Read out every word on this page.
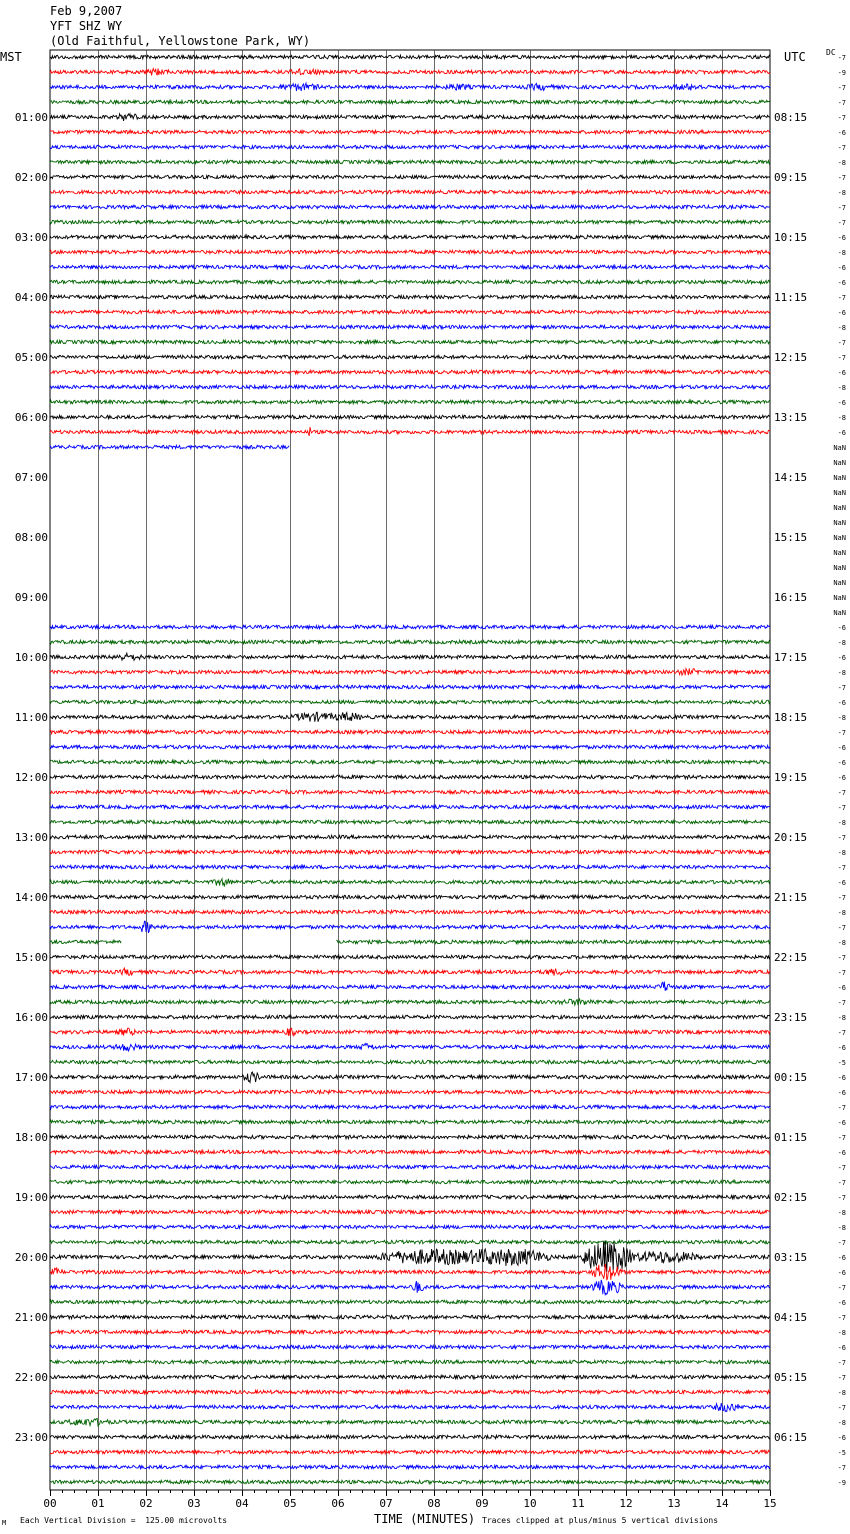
Feb 9,2007
YFT SHZ WY
(Old Faithful, Yellowstone Park, WY)
MST	UTC	DC
00	01	02	03	04	05	06	07	08	09	10	11	12	13	14	15
01:00
02:00
03:00
04:00
05:00
06:00
07:00
08:00
09:00
10:00
11:00
12:00
13:00
14:00
15:00
16:00
17:00
18:00
19:00
20:00
21:00
22:00
23:00
08:15
09:15
10:15
11:15
12:15
13:15
14:15
15:15
16:15
17:15
18:15
19:15
20:15
21:15
22:15
23:15
00:15
01:15
02:15
03:15
04:15
05:15
06:15
-7
-9
-7
-7
-7
-6
-7
-8
-7
-8
-7
-7
-6
-8
-6
-6
-7
-6
-8
-7
-7
-6
-8
-6
-8
-6
NaN
NaN
NaN
NaN
NaN
NaN
NaN
NaN
NaN
NaN
NaN
NaN
-6
-8
-6
-8
-7
-6
-8
-7
-6
-6
-6
-7
-7
-8
-7
-8
-7
-6
-7
-8
-7
-8
-7
-7
-6
-7
-8
-7
-6
-5
-6
-6
-7
-6
-7
-6
-7
-7
-7
-8
-8
-7
-6
-6
-7
-6
-7
-8
-6
-7
-7
-8
-7
-8
-6
-5
-7
-9
M Each Vertical Division =  125.00 microvolts	TIME (MINUTES) Traces clipped at plus/minus 5 vertical divisions
